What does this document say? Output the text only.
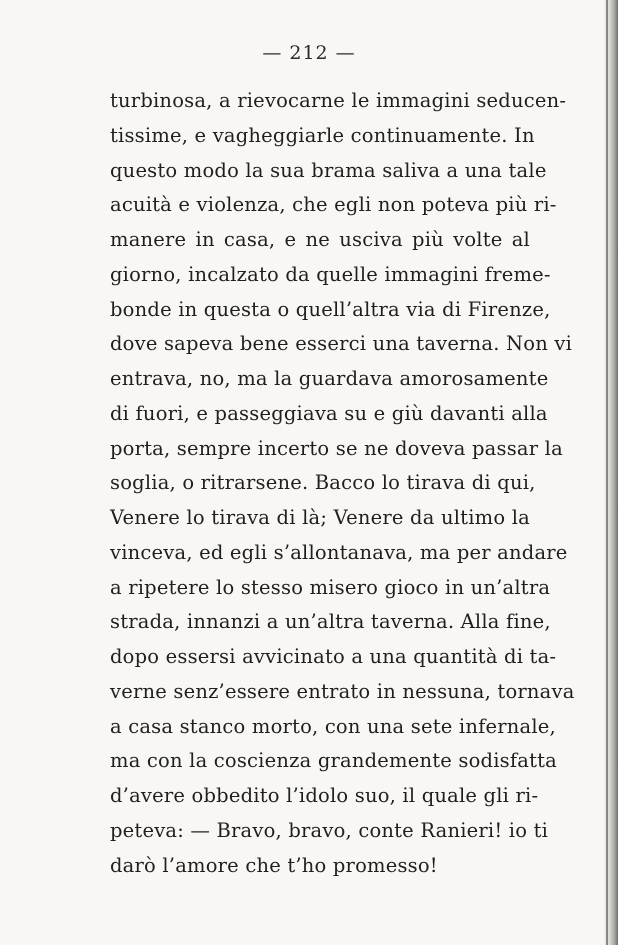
— 212 —
turbinosa, a rievocarne le immagini seducen-
tissime, e vagheggiarle continuamente. In
questo modo la sua brama saliva a una tale
acuità e violenza, che egli non poteva più ri-
manere in casa, e ne usciva più volte al
giorno, incalzato da quelle immagini freme-
bonde in questa o quell’altra via di Firenze,
dove sapeva bene esserci una taverna. Non vi
entrava, no, ma la guardava amorosamente
di fuori, e passeggiava su e giù davanti alla
porta, sempre incerto se ne doveva passar la
soglia, o ritrarsene. Bacco lo tirava di qui,
Venere lo tirava di là; Venere da ultimo la
vinceva, ed egli s’allontanava, ma per andare
a ripetere lo stesso misero gioco in un’altra
strada, innanzi a un’altra taverna. Alla fine,
dopo essersi avvicinato a una quantità di ta-
verne senz’essere entrato in nessuna, tornava
a casa stanco morto, con una sete infernale,
ma con la coscienza grandemente sodisfatta
d’avere obbedito l’idolo suo, il quale gli ri-
peteva: — Bravo, bravo, conte Ranieri! io ti
darò l’amore che t’ho promesso!
